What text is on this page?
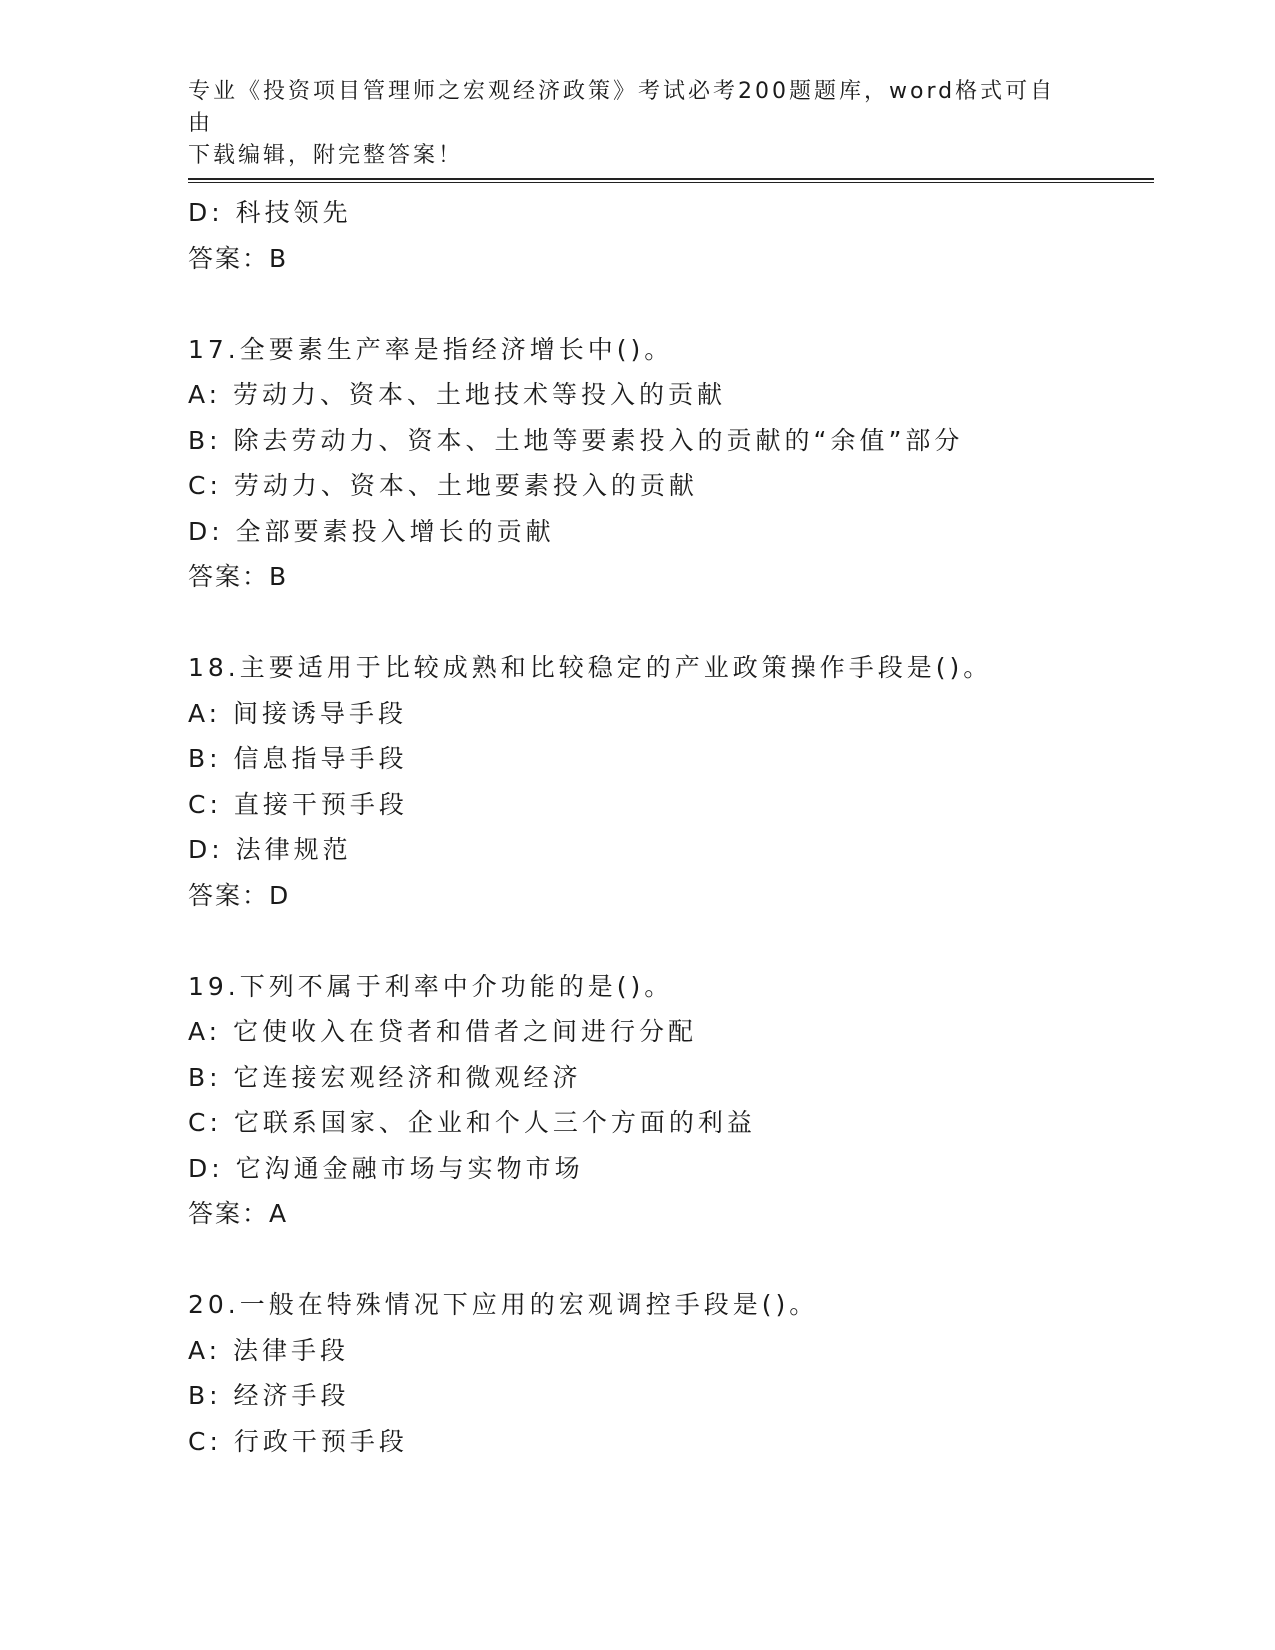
专业《投资项目管理师之宏观经济政策》考试必考200题题库，word格式可自由
下载编辑，附完整答案！
D: 科技领先
答案：B
17.全要素生产率是指经济增长中()。
A: 劳动力、资本、土地技术等投入的贡献
B: 除去劳动力、资本、土地等要素投入的贡献的“余值”部分
C: 劳动力、资本、土地要素投入的贡献
D: 全部要素投入增长的贡献
答案：B
18.主要适用于比较成熟和比较稳定的产业政策操作手段是()。
A: 间接诱导手段
B: 信息指导手段
C: 直接干预手段
D: 法律规范
答案：D
19.下列不属于利率中介功能的是()。
A: 它使收入在贷者和借者之间进行分配
B: 它连接宏观经济和微观经济
C: 它联系国家、企业和个人三个方面的利益
D: 它沟通金融市场与实物市场
答案：A
20.一般在特殊情况下应用的宏观调控手段是()。
A: 法律手段
B: 经济手段
C: 行政干预手段
